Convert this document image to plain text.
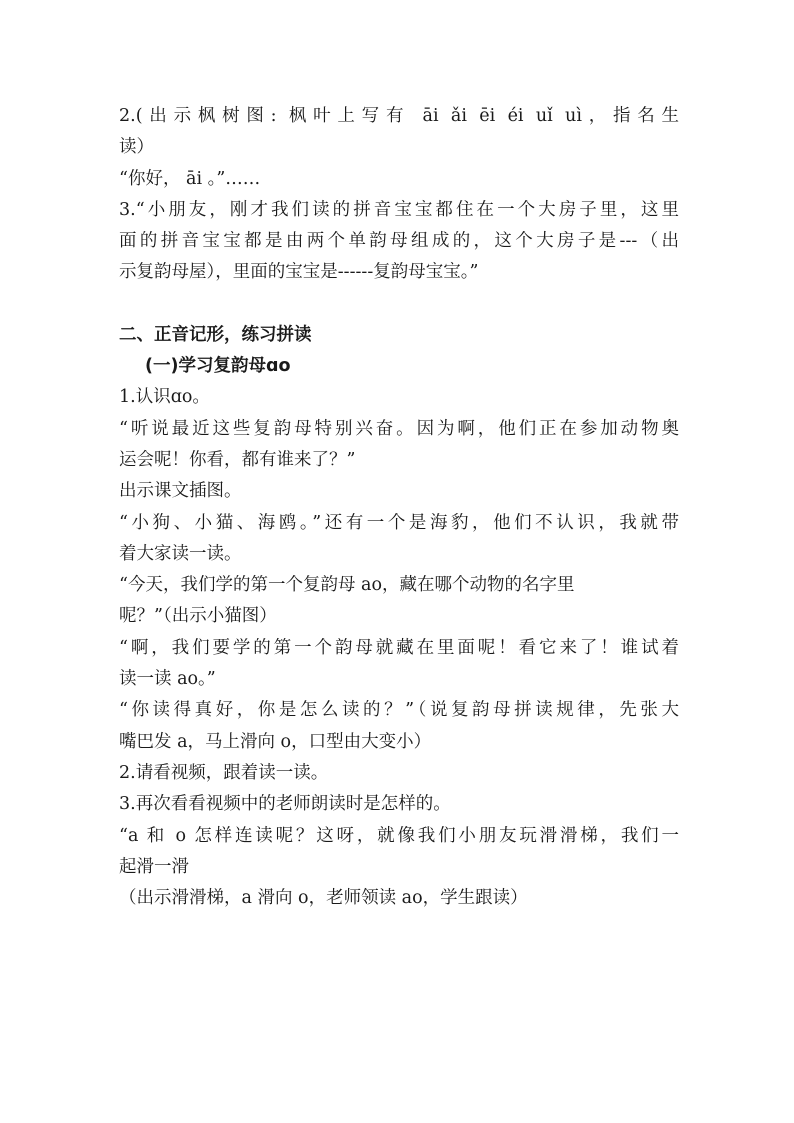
2.(出示枫树图: 枫叶上写有 āi ǎi ēi éi uǐ uì，指名生
读）
“你好， āi 。”……
3.“小朋友，刚才我们读的拼音宝宝都住在一个大房子里，这里
面的拼音宝宝都是由两个单韵母组成的，这个大房子是---（出
示复韵母屋），里面的宝宝是------复韵母宝宝。”
二、正音记形，练习拼读
(一)学习复韵母ɑo
1.认识ɑo。
“听说最近这些复韵母特别兴奋。因为啊，他们正在参加动物奥
运会呢！你看，都有谁来了？”
出示课文插图。
“小狗、小猫、海鸥。”还有一个是海豹，他们不认识，我就带
着大家读一读。
“今天，我们学的第一个复韵母 ao，藏在哪个动物的名字里
呢？”（出示小猫图）
“啊，我们要学的第一个韵母就藏在里面呢！看它来了！谁试着
读一读 ao。”
“你读得真好，你是怎么读的？”（说复韵母拼读规律，先张大
嘴巴发 a，马上滑向 o，口型由大变小）
2.请看视频，跟着读一读。
3.再次看看视频中的老师朗读时是怎样的。
“a 和 o 怎样连读呢？这呀，就像我们小朋友玩滑滑梯，我们一
起滑一滑
（出示滑滑梯，a 滑向 o，老师领读 ao，学生跟读）
